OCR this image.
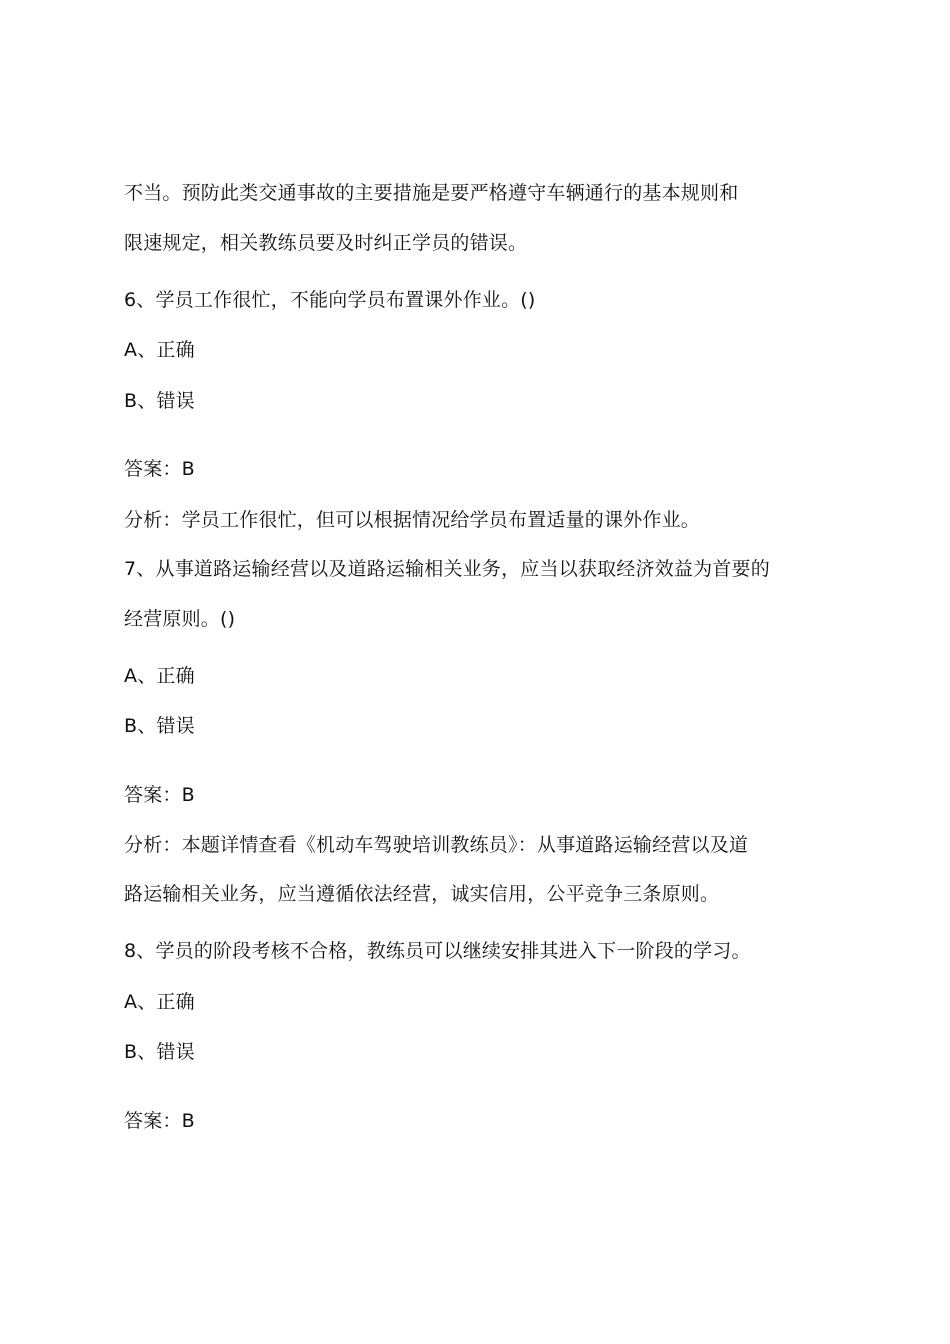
不当。预防此类交通事故的主要措施是要严格遵守车辆通行的基本规则和
限速规定，相关教练员要及时纠正学员的错误。
6、学员工作很忙，不能向学员布置课外作业。()
A、正确
B、错误
答案：B
分析：学员工作很忙，但可以根据情况给学员布置适量的课外作业。
7、从事道路运输经营以及道路运输相关业务，应当以获取经济效益为首要的
经营原则。()
A、正确
B、错误
答案：B
分析：本题详情查看《机动车驾驶培训教练员》：从事道路运输经营以及道
路运输相关业务，应当遵循依法经营，诚实信用，公平竞争三条原则。
8、学员的阶段考核不合格，教练员可以继续安排其进入下一阶段的学习。
A、正确
B、错误
答案：B
